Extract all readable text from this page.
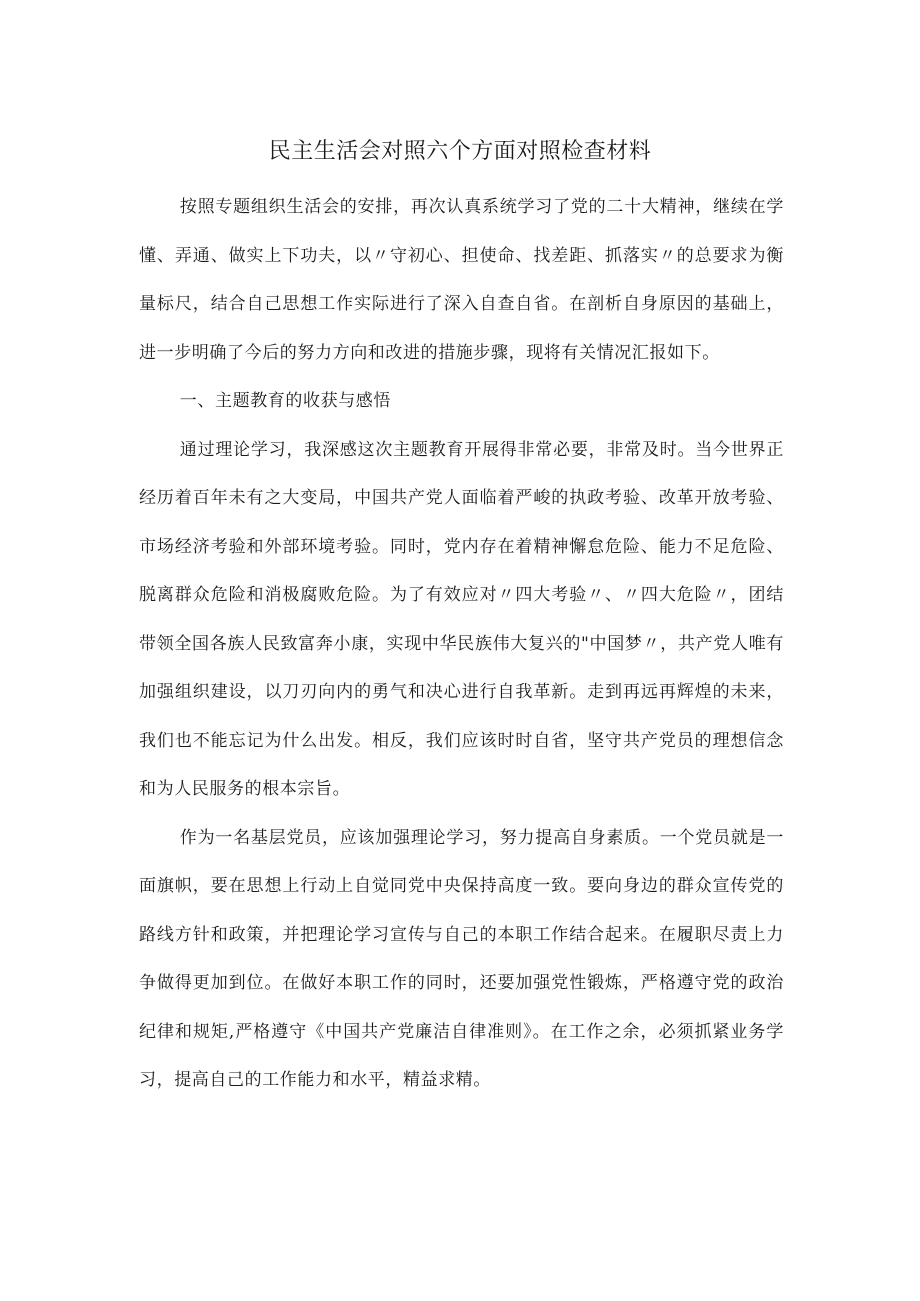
民主生活会对照六个方面对照检查材料

按照专题组织生活会的安排，再次认真系统学习了党的二十大精神，继续在学懂、弄通、做实上下功夫，以〃守初心、担使命、找差距、抓落实〃的总要求为衡量标尺，结合自己思想工作实际进行了深入自查自省。在剖析自身原因的基础上，进一步明确了今后的努力方向和改进的措施步骤，现将有关情况汇报如下。

一、主题教育的收获与感悟

通过理论学习，我深感这次主题教育开展得非常必要，非常及时。当今世界正经历着百年未有之大变局，中国共产党人面临着严峻的执政考验、改革开放考验、市场经济考验和外部环境考验。同时，党内存在着精神懈怠危险、能力不足危险、脱离群众危险和消极腐败危险。为了有效应对〃四大考验〃、〃四大危险〃，团结带领全国各族人民致富奔小康，实现中华民族伟大复兴的"中国梦〃，共产党人唯有加强组织建设，以刀刃向内的勇气和决心进行自我革新。走到再远再辉煌的未来，我们也不能忘记为什么出发。相反，我们应该时时自省，坚守共产党员的理想信念和为人民服务的根本宗旨。

作为一名基层党员，应该加强理论学习，努力提高自身素质。一个党员就是一面旗帜，要在思想上行动上自觉同党中央保持高度一致。要向身边的群众宣传党的路线方针和政策，并把理论学习宣传与自己的本职工作结合起来。在履职尽责上力争做得更加到位。在做好本职工作的同时，还要加强党性锻炼，严格遵守党的政治纪律和规矩,严格遵守《中国共产党廉洁自律准则》。在工作之余，必须抓紧业务学习，提高自己的工作能力和水平，精益求精。
